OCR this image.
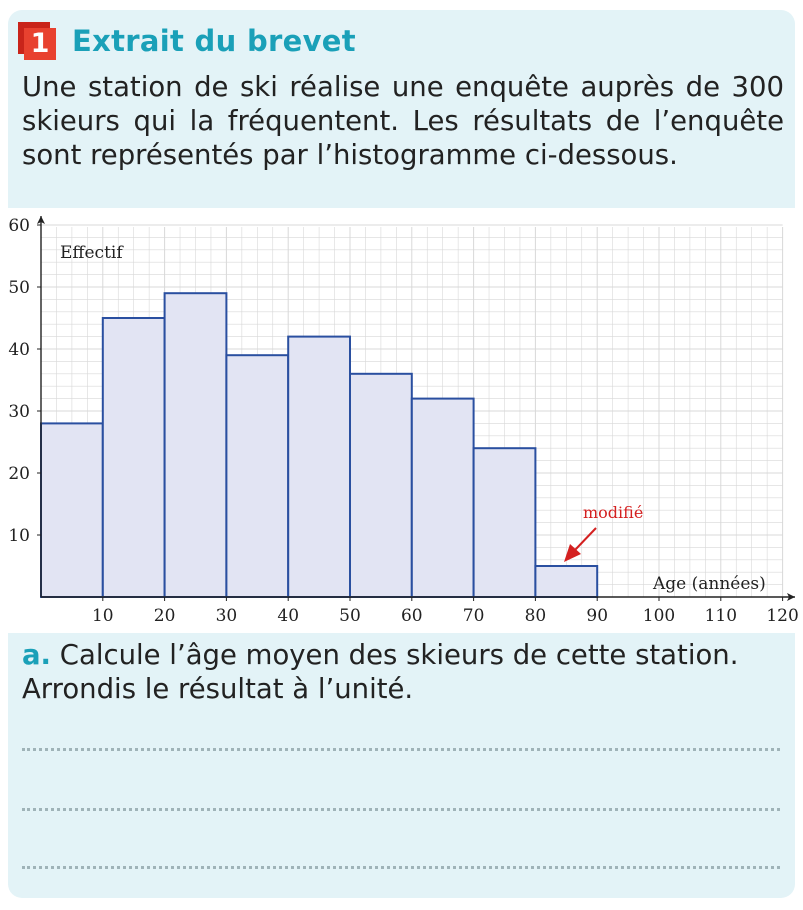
1 Extrait du brevet
Une station de ski réalise une enquête auprès de 300 skieurs qui la fréquentent. Les résultats de l’enquête sont représentés par l’histogramme ci-dessous.
10 20 30 40 50 60 70 80 90 100 110 120
10
20
30
40
50
60
Effectif
Age (années)
modifié
a. Calcule l’âge moyen des skieurs de cette station. Arrondis le résultat à l’unité.
